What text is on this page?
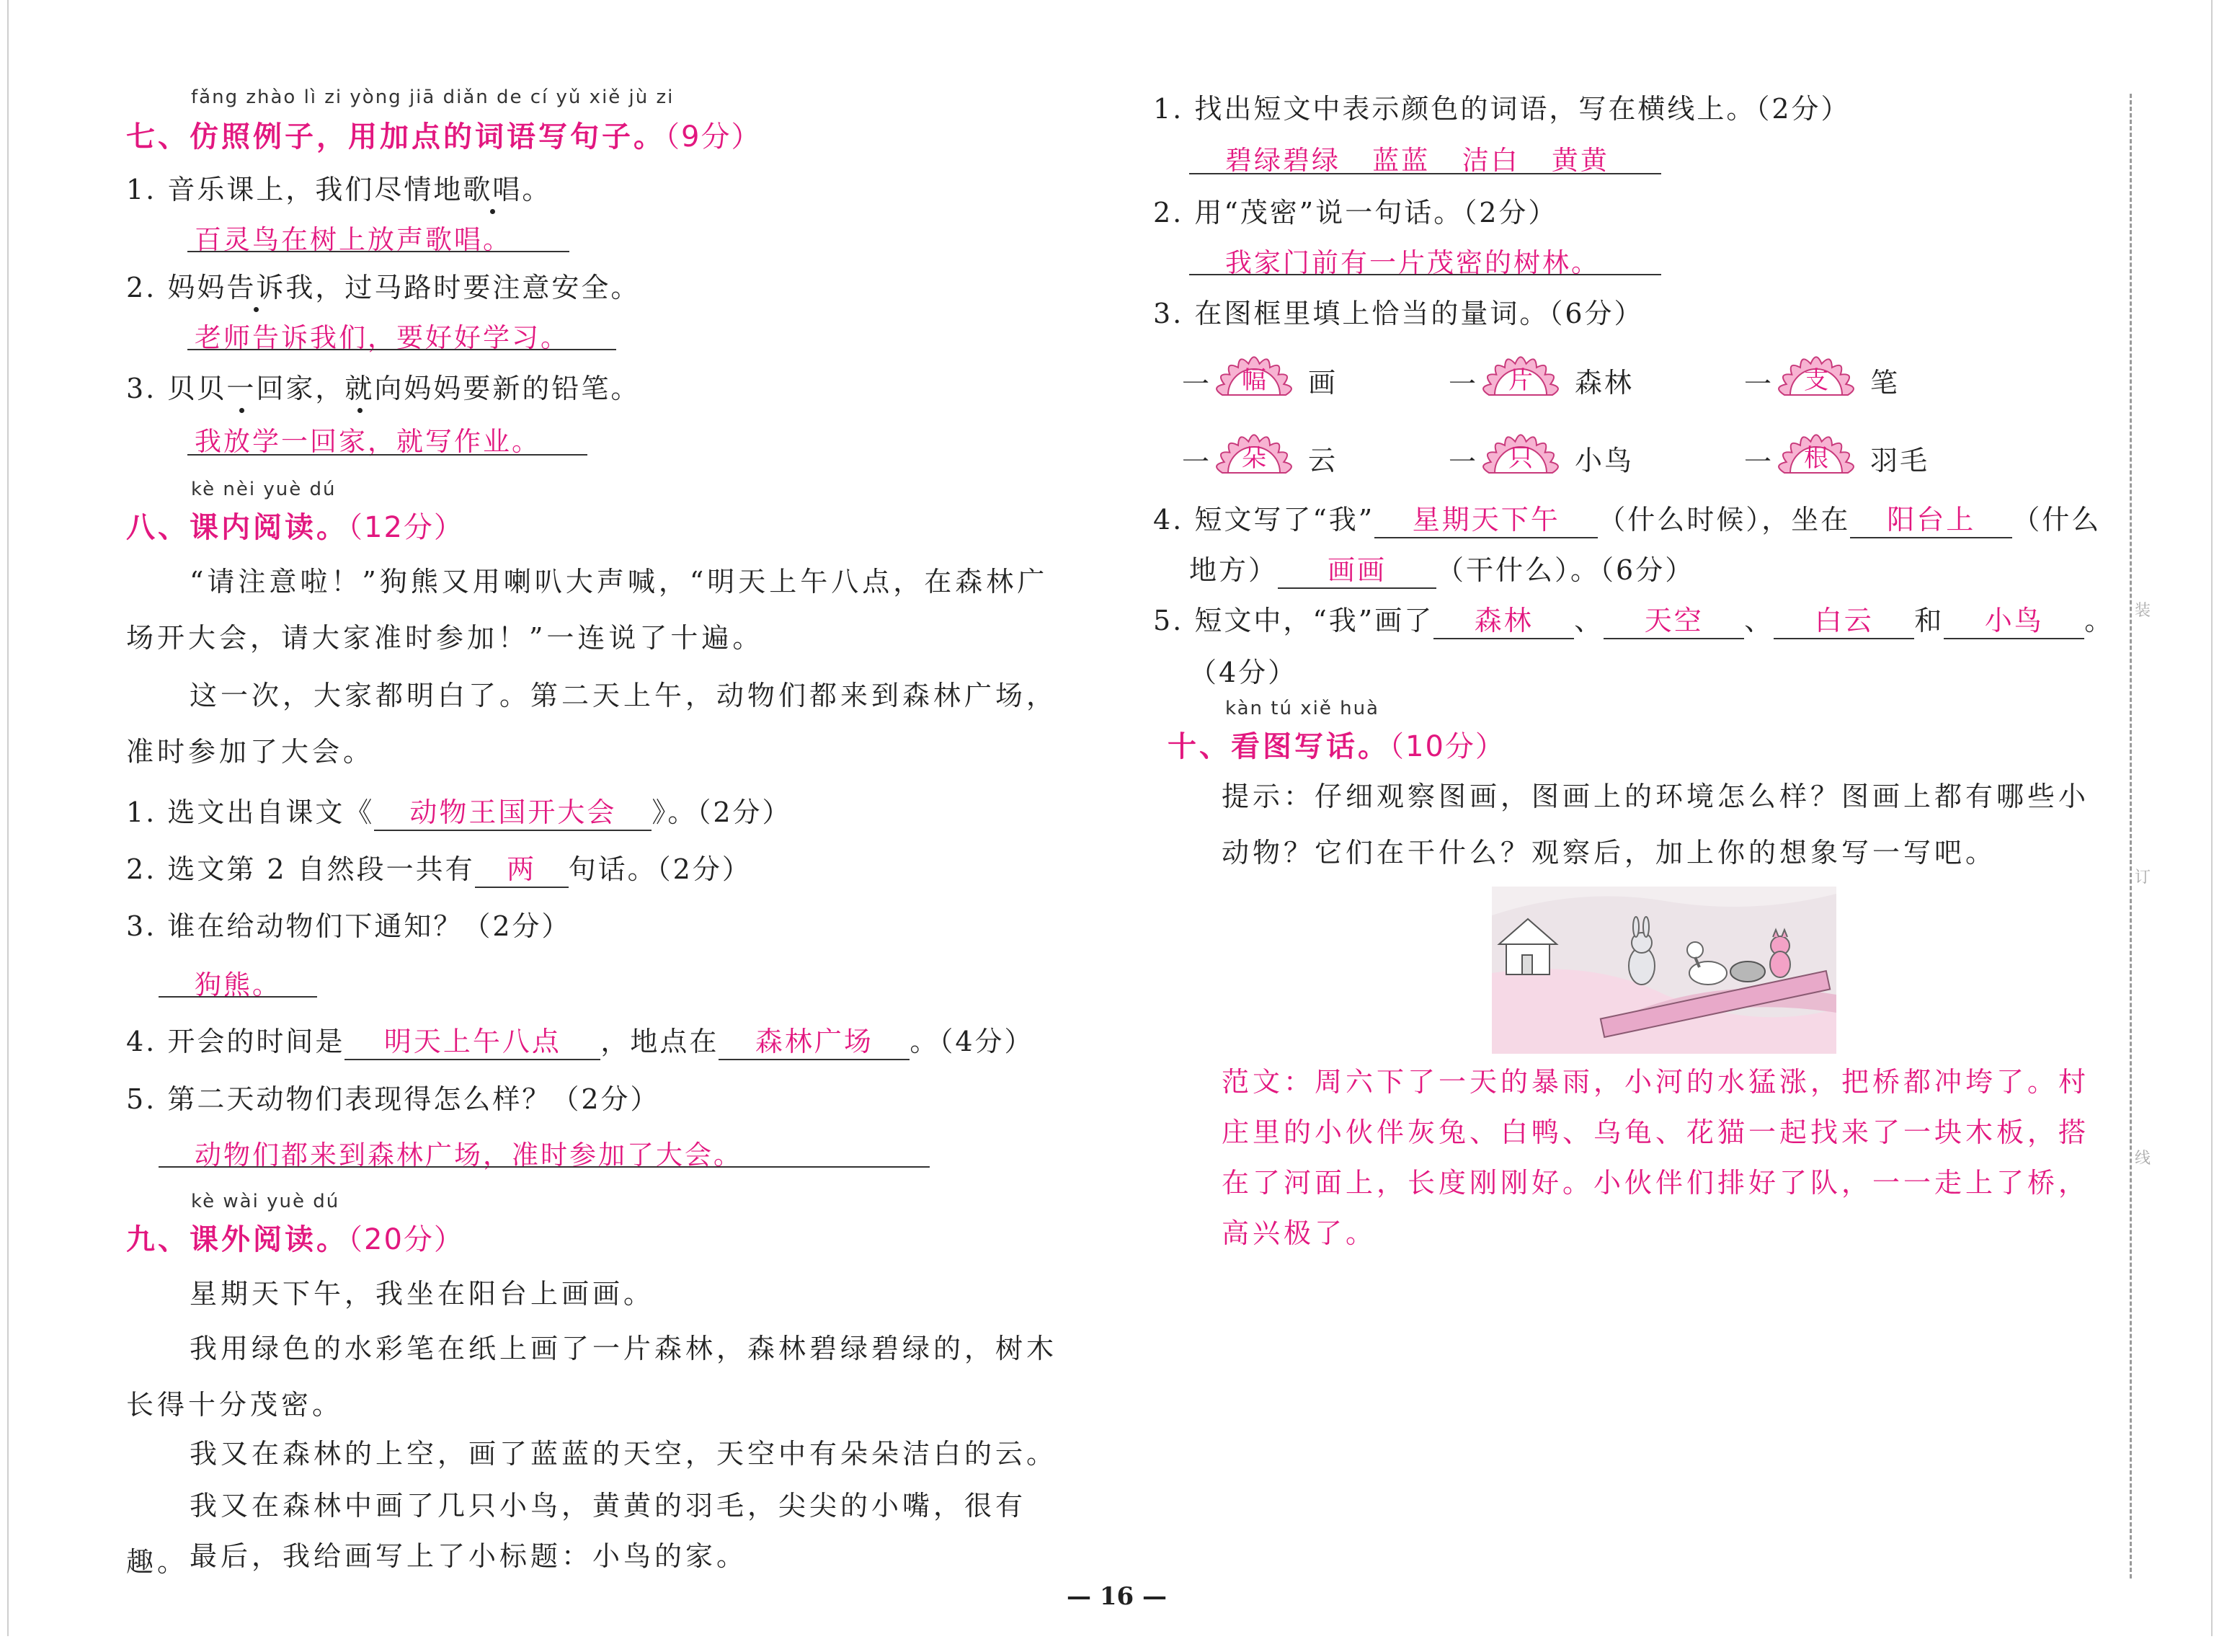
fǎng zhào lì zi yòng jiā diǎn de cí yǔ xiě jù zi
七、仿照例子，用加点的词语写句子。（9分）
1. 音乐课上，我们尽情地歌唱。
百灵鸟在树上放声歌唱。
2. 妈妈告诉我，过马路时要注意安全。
老师告诉我们，要好好学习。
3. 贝贝一回家，就向妈妈要新的铅笔。
我放学一回家，就写作业。
kè nèi yuè dú
八、课内阅读。（12分）
“请注意啦！”狗熊又用喇叭大声喊，“明天上午八点，在森林广场开大会，请大家准时参加！”一连说了十遍。
这一次，大家都明白了。第二天上午，动物们都来到森林广场，准时参加了大会。
1. 选文出自课文《 动物王国开大会 》。（2分）
2. 选文第 2 自然段一共有 两 句话。（2分）
3. 谁在给动物们下通知？（2分）
狗熊。
4. 开会的时间是 明天上午八点 ，地点在 森林广场 。（4分）
5. 第二天动物们表现得怎么样？（2分）
动物们都来到森林广场，准时参加了大会。
kè wài yuè dú
九、课外阅读。（20分）
星期天下午，我坐在阳台上画画。
我用绿色的水彩笔在纸上画了一片森林，森林碧绿碧绿的，树木长得十分茂密。
我又在森林的上空，画了蓝蓝的天空，天空中有朵朵洁白的云。
我又在森林中画了几只小鸟，黄黄的羽毛，尖尖的小嘴，很有趣。 最后，我给画写上了小标题：小鸟的家。
1. 找出短文中表示颜色的词语，写在横线上。（2分）
碧绿碧绿   蓝蓝   洁白   黄黄
2. 用“茂密”说一句话。（2分）
我家门前有一片茂密的树林。
3. 在图框里填上恰当的量词。（6分）
4. 短文写了“我” 星期天下午 （什么时候），坐在 阳台上 （什么
地方） 画画 （干什么）。（6分）
5. 短文中，“我”画了 森林 、 天空 、 白云 和 小鸟 。
（4分）
kàn tú xiě huà
十、看图写话。（10分）
提示：仔细观察图画，图画上的环境怎么样？图画上都有哪些小动物？它们在干什么？观察后，加上你的想象写一写吧。
范文：周六下了一天的暴雨，小河的水猛涨，把桥都冲垮了。村庄里的小伙伴灰兔、白鸭、乌龟、花猫一起找来了一块木板，搭在了河面上，长度刚刚好。小伙伴们排好了队，一一走上了桥，高兴极了。
装
订
线
— 16 —
一	幅	画	一	片	森林	一	支	笔
一	朵	云	一	只	小鸟	一	根	羽毛
